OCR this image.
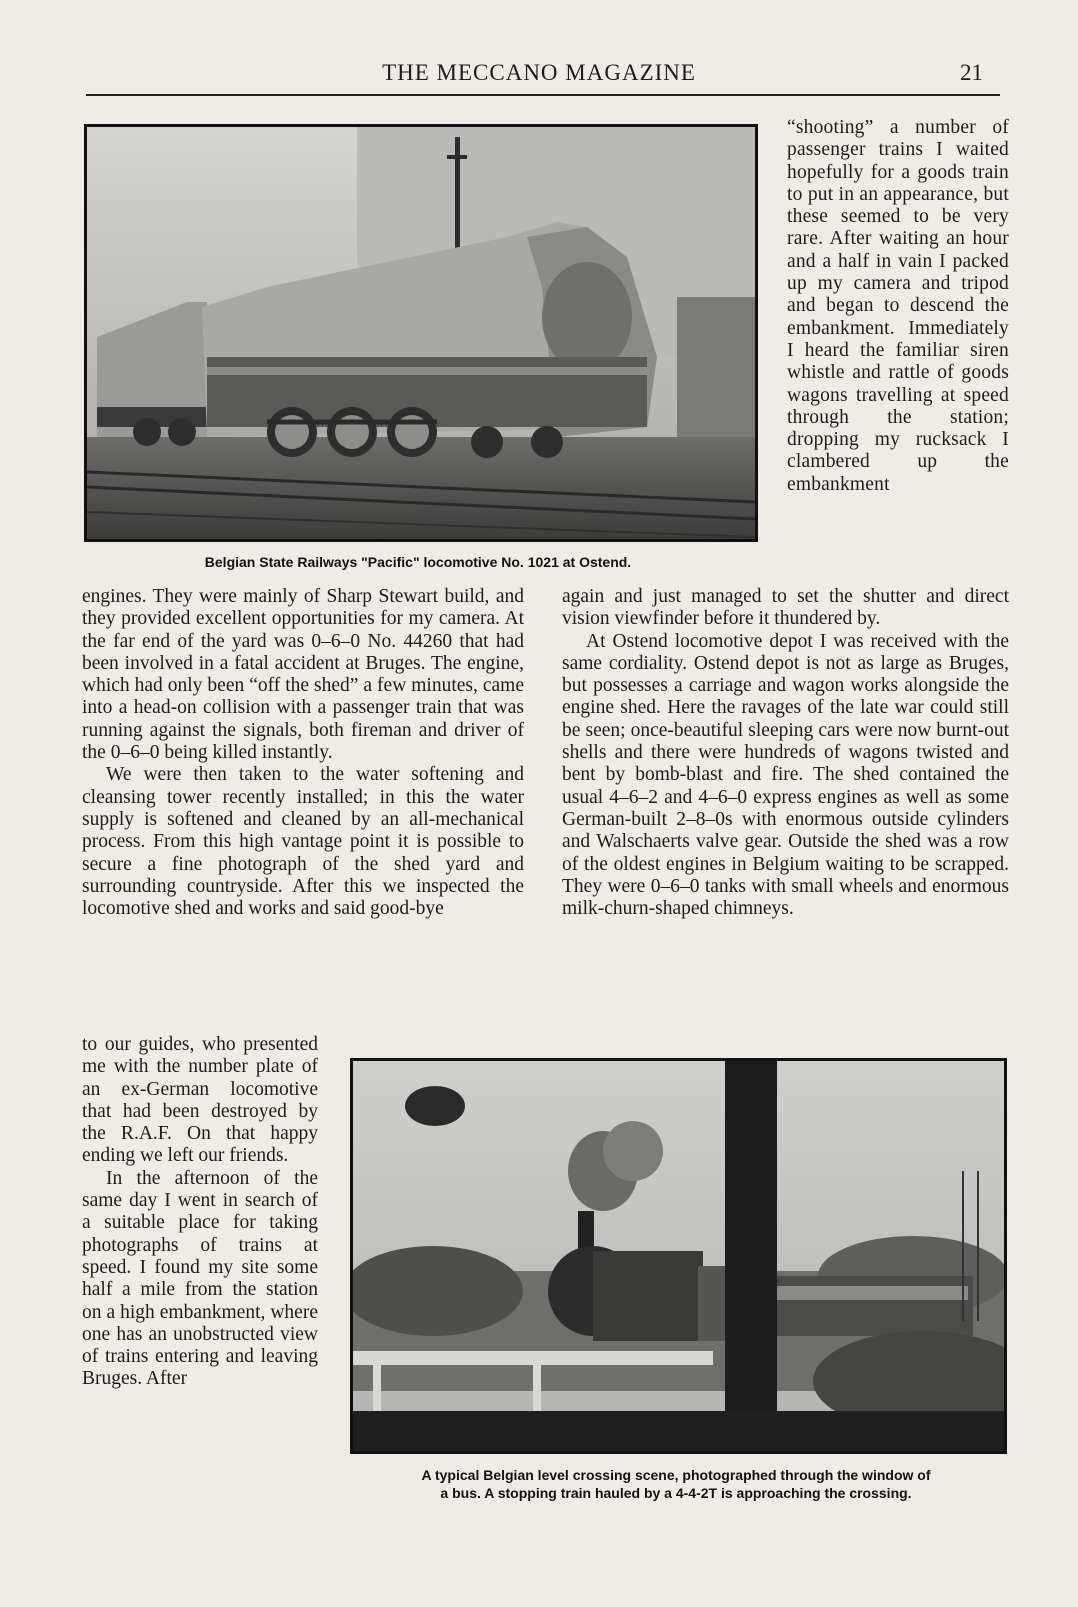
THE MECCANO MAGAZINE	21
Belgian State Railways "Pacific" locomotive No. 1021 at Ostend.

“shooting” a number of passenger trains I waited hopefully for a goods train to put in an appearance, but these seemed to be very rare. After waiting an hour and a half in vain I packed up my camera and tripod and began to descend the embankment. Immediately I heard the familiar siren whistle and rattle of goods wagons travelling at speed through the station; dropping my rucksack I clambered up the embankment

engines. They were mainly of Sharp Stewart build, and they provided excellent opportunities for my camera. At the far end of the yard was 0–6–0 No. 44260 that had been involved in a fatal accident at Bruges. The engine, which had only been “off the shed” a few minutes, came into a head-on collision with a passenger train that was running against the signals, both fireman and driver of the 0–6–0 being killed instantly.

We were then taken to the water softening and cleansing tower recently installed; in this the water supply is softened and cleaned by an all-mechanical process. From this high vantage point it is possible to secure a fine photograph of the shed yard and surrounding countryside. After this we inspected the locomotive shed and works and said good-bye

to our guides, who presented me with the number plate of an ex-German locomotive that had been destroyed by the R.A.F. On that happy ending we left our friends.

In the afternoon of the same day I went in search of a suitable place for taking photographs of trains at speed. I found my site some half a mile from the station on a high embankment, where one has an unobstructed view of trains entering and leaving Bruges. After

again and just managed to set the shutter and direct vision viewfinder before it thundered by.

At Ostend locomotive depot I was received with the same cordiality. Ostend depot is not as large as Bruges, but possesses a carriage and wagon works alongside the engine shed. Here the ravages of the late war could still be seen; once-beautiful sleeping cars were now burnt-out shells and there were hundreds of wagons twisted and bent by bomb-blast and fire. The shed contained the usual 4–6–2 and 4–6–0 express engines as well as some German-built 2–8–0s with enormous outside cylinders and Walschaerts valve gear. Outside the shed was a row of the oldest engines in Belgium waiting to be scrapped. They were 0–6–0 tanks with small wheels and enormous milk-churn-shaped chimneys.

A typical Belgian level crossing scene, photographed through the window of
a bus. A stopping train hauled by a 4-4-2T is approaching the crossing.
